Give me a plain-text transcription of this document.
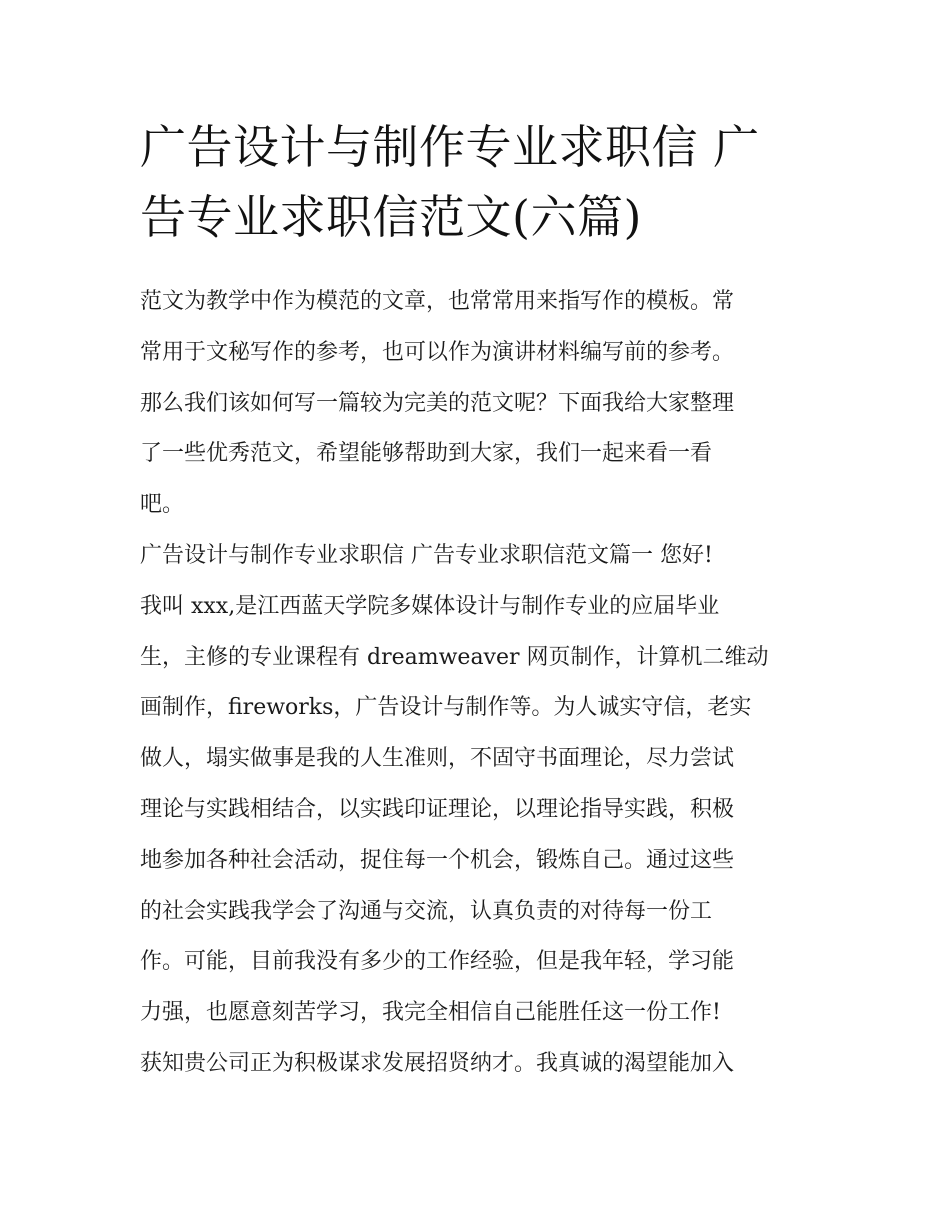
广告设计与制作专业求职信 广
告专业求职信范文(六篇)
范文为教学中作为模范的文章，也常常用来指写作的模板。常
常用于文秘写作的参考，也可以作为演讲材料编写前的参考。
那么我们该如何写一篇较为完美的范文呢？下面我给大家整理
了一些优秀范文，希望能够帮助到大家，我们一起来看一看
吧。
广告设计与制作专业求职信 广告专业求职信范文篇一 您好!
我叫 xxx,是江西蓝天学院多媒体设计与制作专业的应届毕业
生，主修的专业课程有 dreamweaver 网页制作，计算机二维动
画制作，fireworks，广告设计与制作等。为人诚实守信，老实
做人，塌实做事是我的人生准则，不固守书面理论，尽力尝试
理论与实践相结合，以实践印证理论，以理论指导实践，积极
地参加各种社会活动，捉住每一个机会，锻炼自己。通过这些
的社会实践我学会了沟通与交流，认真负责的对待每一份工
作。可能，目前我没有多少的工作经验，但是我年轻，学习能
力强，也愿意刻苦学习，我完全相信自己能胜任这一份工作!
获知贵公司正为积极谋求发展招贤纳才。我真诚的渴望能加入
